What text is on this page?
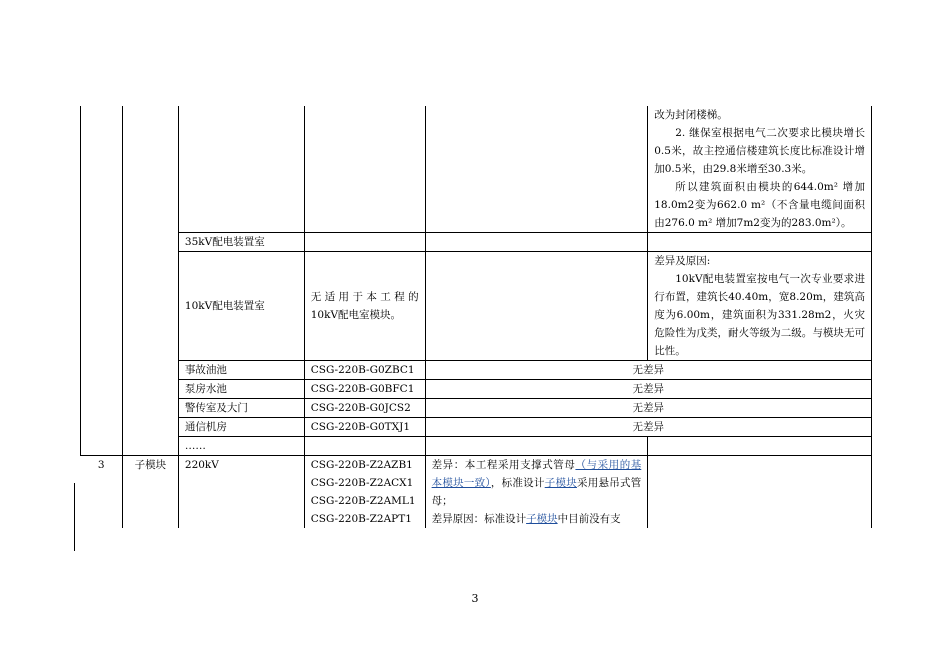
					改为封闭楼梯。
2. 继保室根据电气二次要求比模块增长0.5米，故主控通信楼建筑长度比标准设计增加0.5米，由29.8米增至30.3米。
所以建筑面积由模块的644.0m² 增加18.0m2变为662.0 m²（不含量电缆间面积由276.0 m² 增加7m2变为的283.0m²）。

		35kV配电装置室			
		10kV配电装置室	无适用于本工程的10kV配电室模块。		差异及原因:
10kV配电装置室按电气一次专业要求进行布置，建筑长40.40m，宽8.20m，建筑高度为6.00m，建筑面积为331.28m2，火灾危险性为戊类，耐火等级为二级。与模块无可比性。

		事故油池	CSG-220B-G0ZBC1	无差异	
		泵房水池	CSG-220B-G0BFC1	无差异	
		警传室及大门	CSG-220B-G0JCS2	无差异	
		通信机房	CSG-220B-G0TXJ1	无差异	
		……			
3	子模块	220kV	CSG-220B-Z2AZB1
CSG-220B-Z2ACX1
CSG-220B-Z2AML1
CSG-220B-Z2APT1	差异：本工程采用支撑式管母（与采用的基本模块一致），标准设计子模块采用悬吊式管母；
差异原因：标准设计子模块中目前没有支	

3
